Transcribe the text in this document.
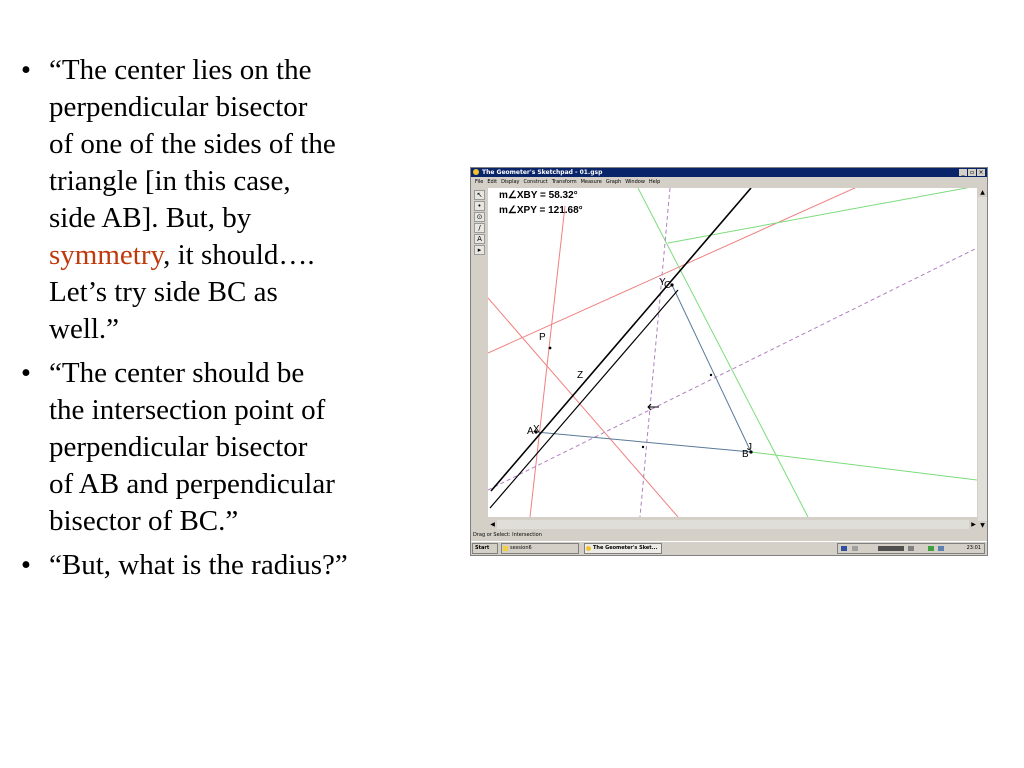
• “The center lies on the
perpendicular bisector
of one of the sides of the
triangle [in this case,
side AB]. But, by
symmetry, it should….
Let’s try side BC as
well.”
• “The center should be
the intersection point of
perpendicular bisector
of AB and perpendicular
bisector of BC.”
• “But, what is the radius?”
The Geometer's Sketchpad - 01.gsp	_ ▫ ×
File Edit Display Construct Transform Measure Graph Window Help
↖
•
⊙
/
A
▸
m∠XBY = 58.32°
m∠XPY = 121.68°
Y
C
P
Z
A X
B
J
▲
▼
◀	▶
Drag or Select: Intersection
Start	session6	The Geometer's Sket...	23:01
